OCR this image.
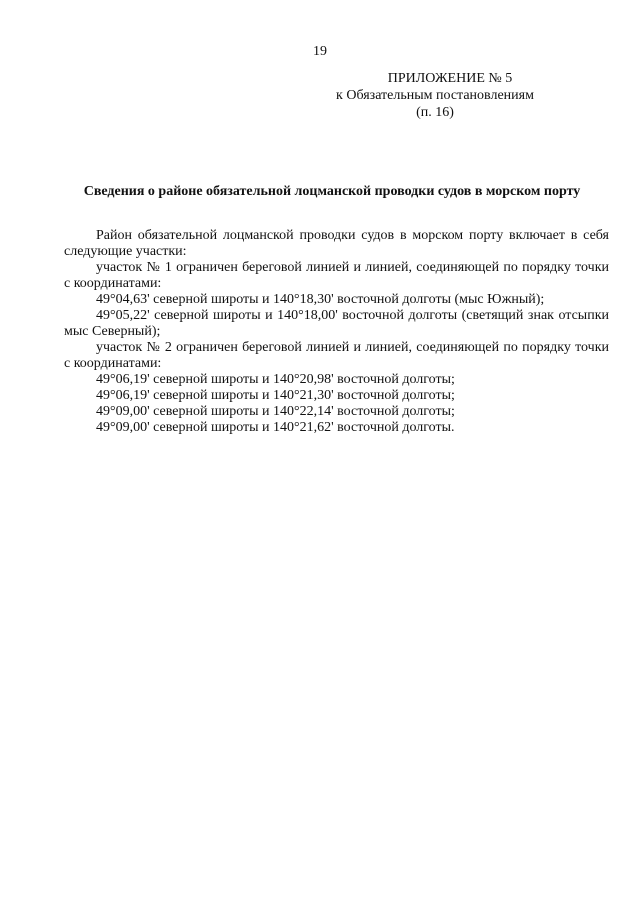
19
ПРИЛОЖЕНИЕ № 5
к Обязательным постановлениям
(п. 16)
Сведения о районе обязательной лоцманской проводки судов в морском порту

Район обязательной лоцманской проводки судов в морском порту включает в себя следующие участки:

участок № 1 ограничен береговой линией и линией, соединяющей по порядку точки с координатами:

49°04,63' северной широты и 140°18,30' восточной долготы (мыс Южный);

49°05,22' северной широты и 140°18,00' восточной долготы (светящий знак отсыпки мыс Северный);

участок № 2 ограничен береговой линией и линией, соединяющей по порядку точки с координатами:

49°06,19' северной широты и 140°20,98' восточной долготы;

49°06,19' северной широты и 140°21,30' восточной долготы;

49°09,00' северной широты и 140°22,14' восточной долготы;

49°09,00' северной широты и 140°21,62' восточной долготы.
